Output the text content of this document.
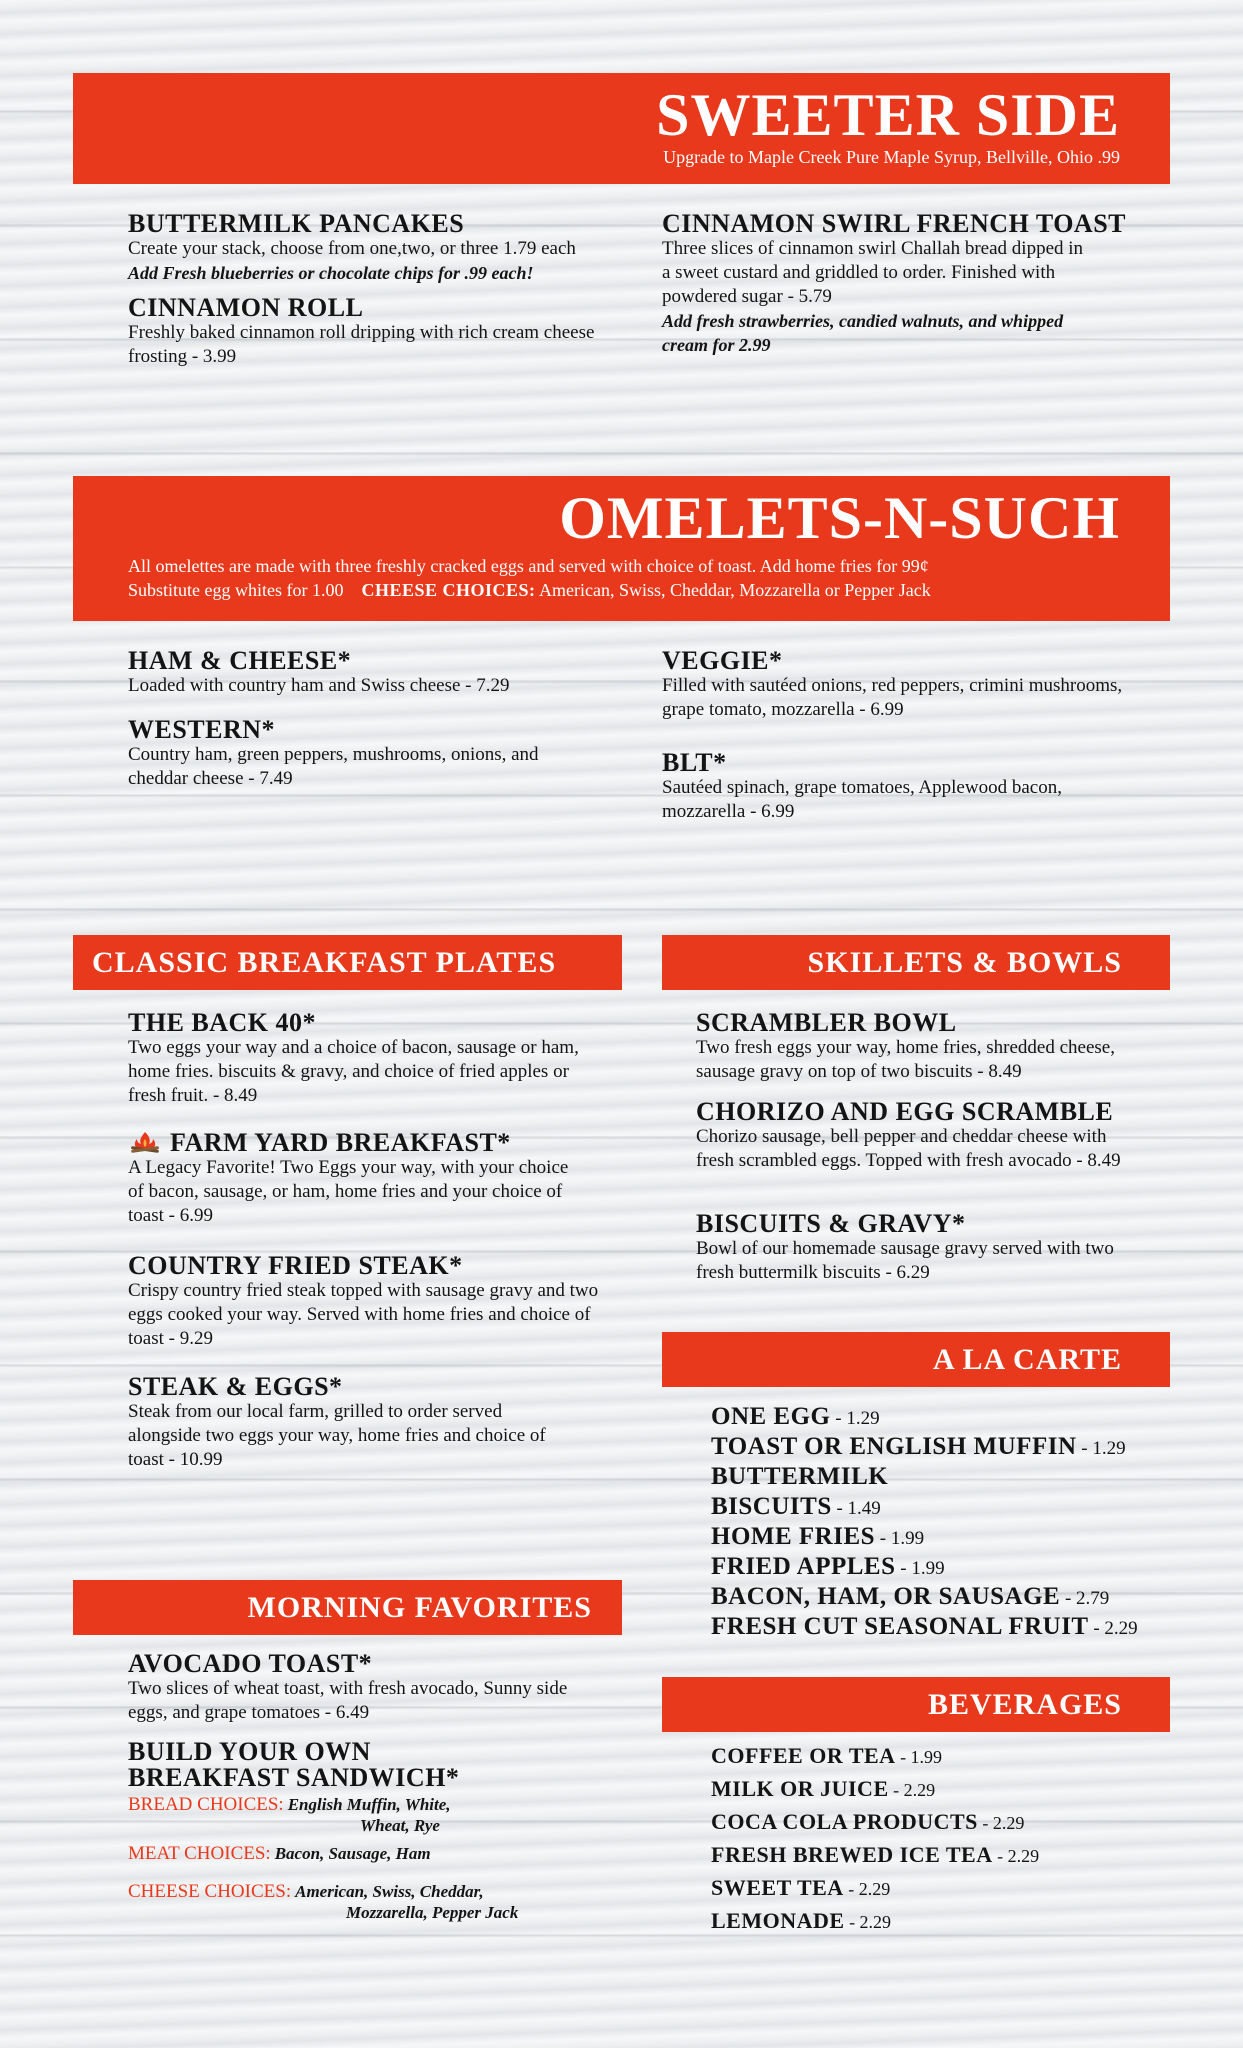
SWEETER SIDE
Upgrade to Maple Creek Pure Maple Syrup, Bellville, Ohio .99
BUTTERMILK PANCAKES
Create your stack, choose from one,two, or three 1.79 each
Add Fresh blueberries or chocolate chips for .99 each!
CINNAMON ROLL
Freshly baked cinnamon roll dripping with rich cream cheese frosting - 3.99
CINNAMON SWIRL FRENCH TOAST
Three slices of cinnamon swirl Challah bread dipped in a sweet custard and griddled to order. Finished with powdered sugar - 5.79
Add fresh strawberries, candied walnuts, and whipped cream for 2.99
OMELETS-N-SUCH
All omelettes are made with three freshly cracked eggs and served with choice of toast. Add home fries for 99¢
Substitute egg whites for 1.00 CHEESE CHOICES: American, Swiss, Cheddar, Mozzarella or Pepper Jack
HAM & CHEESE*
Loaded with country ham and Swiss cheese - 7.29
WESTERN*
Country ham, green peppers, mushrooms, onions, and cheddar cheese - 7.49
VEGGIE*
Filled with sautéed onions, red peppers, crimini mushrooms, grape tomato, mozzarella - 6.99
BLT*
Sautéed spinach, grape tomatoes, Applewood bacon, mozzarella - 6.99
CLASSIC BREAKFAST PLATES
THE BACK 40*
Two eggs your way and a choice of bacon, sausage or ham, home fries. biscuits & gravy, and choice of fried apples or fresh fruit. - 8.49
FARM YARD BREAKFAST*
A Legacy Favorite! Two Eggs your way, with your choice of bacon, sausage, or ham, home fries and your choice of toast - 6.99
COUNTRY FRIED STEAK*
Crispy country fried steak topped with sausage gravy and two eggs cooked your way. Served with home fries and choice of toast - 9.29
STEAK & EGGS*
Steak from our local farm, grilled to order served alongside two eggs your way, home fries and choice of toast - 10.99
SKILLETS & BOWLS
SCRAMBLER BOWL
Two fresh eggs your way, home fries, shredded cheese, sausage gravy on top of two biscuits - 8.49
CHORIZO AND EGG SCRAMBLE
Chorizo sausage, bell pepper and cheddar cheese with fresh scrambled eggs. Topped with fresh avocado - 8.49
BISCUITS & GRAVY*
Bowl of our homemade sausage gravy served with two fresh buttermilk biscuits - 6.29
A LA CARTE
ONE EGG - 1.29
TOAST OR ENGLISH MUFFIN - 1.29
BUTTERMILK
BISCUITS - 1.49
HOME FRIES - 1.99
FRIED APPLES - 1.99
BACON, HAM, OR SAUSAGE - 2.79
FRESH CUT SEASONAL FRUIT - 2.29
MORNING FAVORITES
AVOCADO TOAST*
Two slices of wheat toast, with fresh avocado, Sunny side eggs, and grape tomatoes - 6.49
BUILD YOUR OWN
BREAKFAST SANDWICH*
BREAD CHOICES: English Muffin, White,
Wheat, Rye
MEAT CHOICES: Bacon, Sausage, Ham
CHEESE CHOICES: American, Swiss, Cheddar,
Mozzarella, Pepper Jack
BEVERAGES
COFFEE OR TEA - 1.99
MILK OR JUICE - 2.29
COCA COLA PRODUCTS - 2.29
FRESH BREWED ICE TEA - 2.29
SWEET TEA - 2.29
LEMONADE - 2.29
